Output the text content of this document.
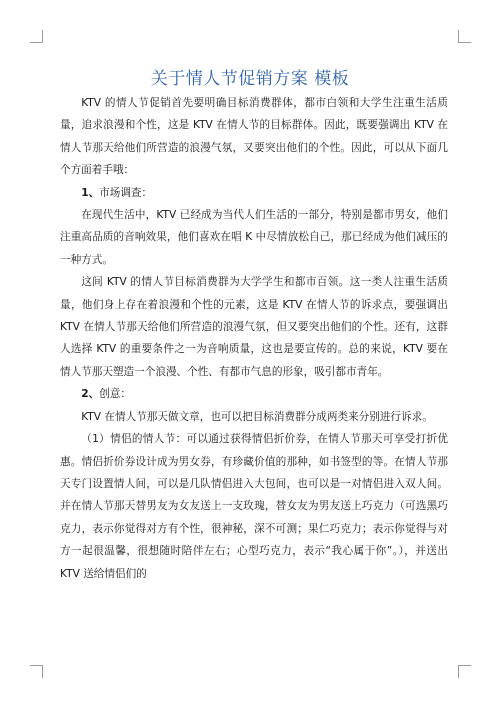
关于情人节促销方案 模板

KTV 的情人节促销首先要明确目标消费群体，都市白领和大学生注重生活质量，追求浪漫和个性，这是 KTV 在情人节的目标群体。因此，既要强调出 KTV 在情人节那天给他们所营造的浪漫气氛，又要突出他们的个性。因此，可以从下面几个方面着手哦：

1、市场调查：

在现代生活中，KTV 已经成为当代人们生活的一部分，特别是都市男女，他们注重高品质的音响效果，他们喜欢在唱 K 中尽情放松自己，那已经成为他们减压的一种方式。

这间 KTV 的情人节目标消费群为大学学生和都市百领。这一类人注重生活质量，他们身上存在着浪漫和个性的元素，这是 KTV 在情人节的诉求点，要强调出 KTV 在情人节那天给他们所营造的浪漫气氛，但又要突出他们的个性。还有，这群人选择 KTV 的重要条件之一为音响质量，这也是要宣传的。总的来说，KTV 要在情人节那天塑造一个浪漫、个性、有都市气息的形象，吸引都市青年。

2、创意：

KTV 在情人节那天做文章，也可以把目标消费群分成两类来分别进行诉求。

（1）情侣的情人节：可以通过获得情侣折价券，在情人节那天可享受打折优惠。情侣折价券设计成为男女券，有珍藏价值的那种，如书签型的等。在情人节那天专门设置情人间，可以是几队情侣进入大包间，也可以是一对情侣进入双人间。并在情人节那天替男友为女友送上一支玫瑰，替女友为男友送上巧克力（可选黑巧克力，表示你觉得对方有个性，很神秘，深不可测；果仁巧克力；表示你觉得与对方一起很温馨，很想随时陪伴左右；心型巧克力，表示“我心属于你”。），并送出 KTV 送给情侣们的
